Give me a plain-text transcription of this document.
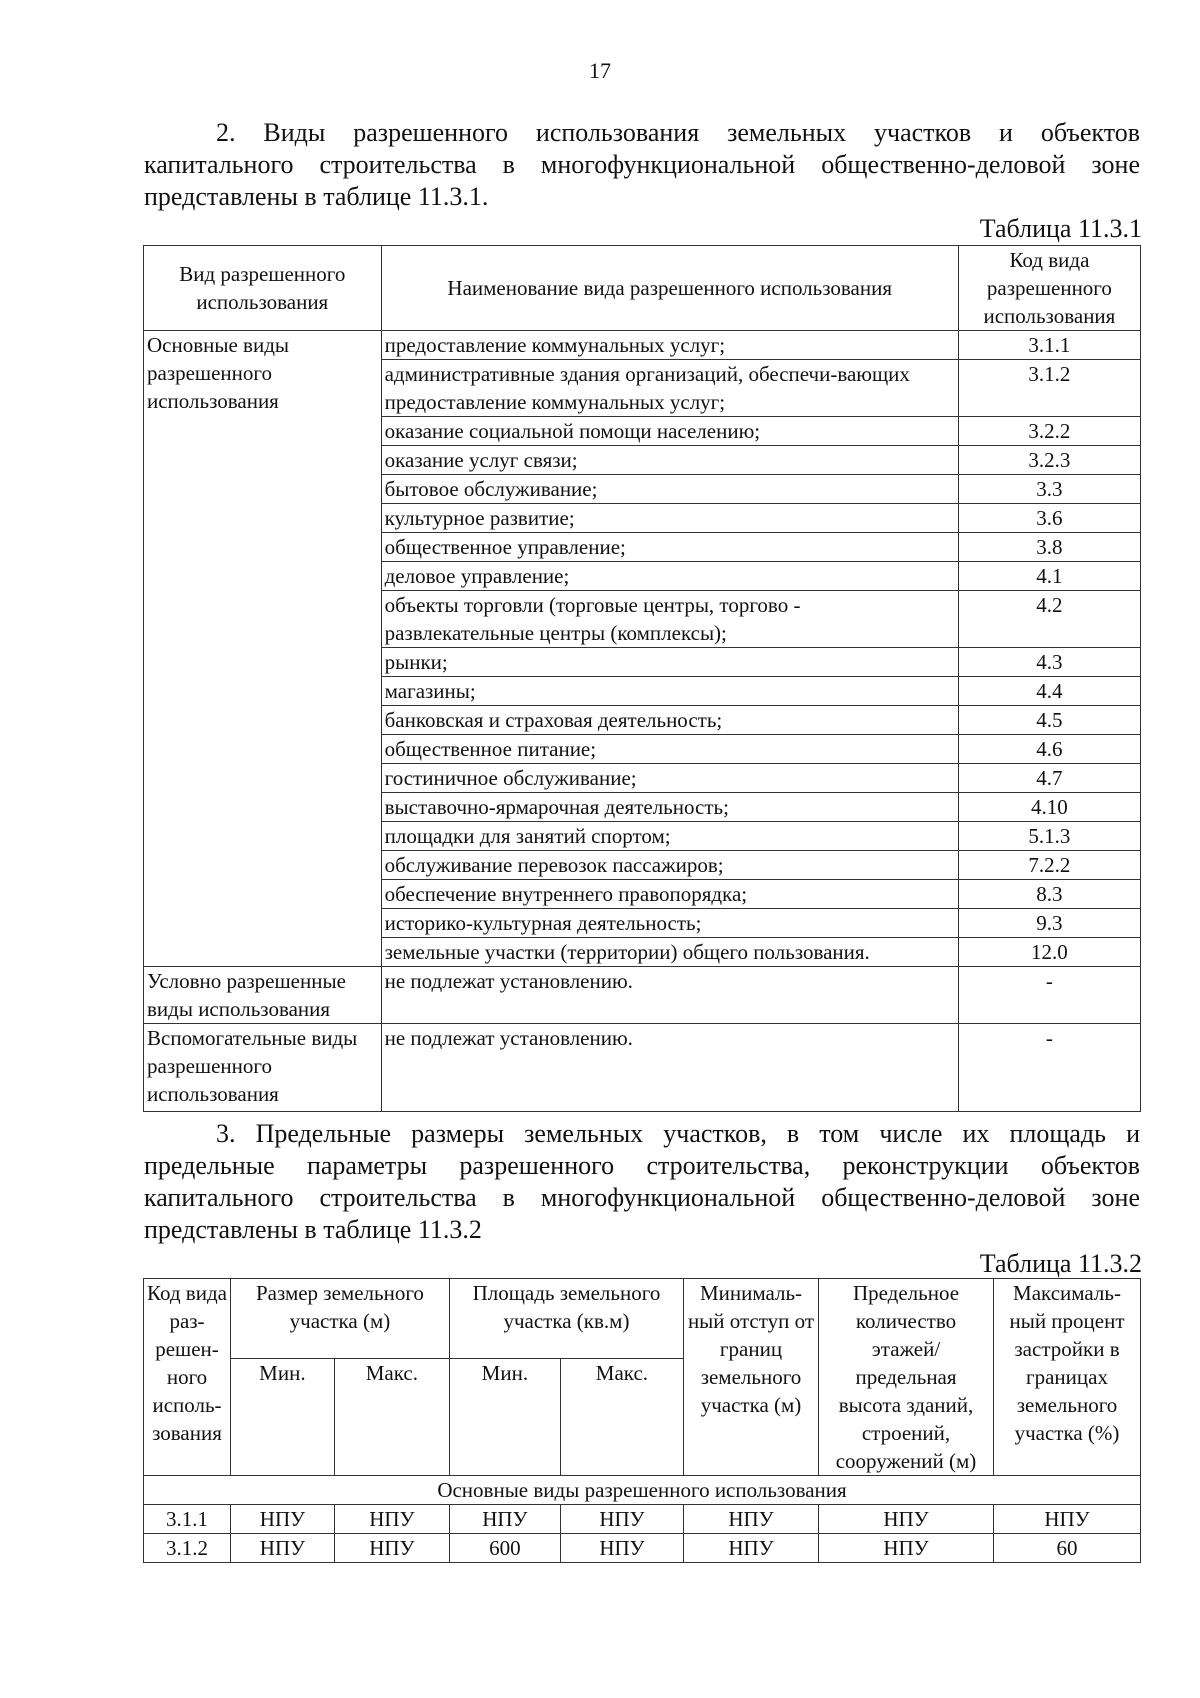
17

2. Виды разрешенного использования земельных участков и объектов капитального строительства в многофункциональной общественно-деловой зоне представлены в таблице 11.3.1.

Таблица 11.3.1
Вид разрешенного использования	Наименование вида разрешенного использования	Код вида разрешенного использования
Основные виды разрешенного использования	предоставление коммунальных услуг;	3.1.1
	административные здания организаций, обеспечи-вающих предоставление коммунальных услуг;	3.1.2
	оказание социальной помощи населению;	3.2.2
	оказание услуг связи;	3.2.3
	бытовое обслуживание;	3.3
	культурное развитие;	3.6
	общественное управление;	3.8
	деловое управление;	4.1
	объекты торговли (торговые центры, торгово - развлекательные центры (комплексы);	4.2
	рынки;	4.3
	магазины;	4.4
	банковская и страховая деятельность;	4.5
	общественное питание;	4.6
	гостиничное обслуживание;	4.7
	выставочно-ярмарочная деятельность;	4.10
	площадки для занятий спортом;	5.1.3
	обслуживание перевозок пассажиров;	7.2.2
	обеспечение внутреннего правопорядка;	8.3
	историко-культурная деятельность;	9.3
	земельные участки (территории) общего пользования.	12.0
Условно разрешенные виды использования	не подлежат установлению.	-
Вспомогательные виды разрешенного использования	не подлежат установлению.	-

3. Предельные размеры земельных участков, в том числе их площадь и предельные параметры разрешенного строительства, реконструкции объектов капитального строительства в многофункциональной общественно-деловой зоне представлены в таблице 11.3.2

Таблица 11.3.2
Код вида раз-решен-ного исполь-зования	Размер земельного участка (м)		Площадь земельного участка (кв.м)		Минималь-ный отступ от границ земельного участка (м)	Предельное количество этажей/ предельная высота зданий, строений, сооружений (м)	Максималь-ный процент застройки в границах земельного участка (%)
	Мин.	Макс.	Мин.	Макс.			
Основные виды разрешенного использования							
3.1.1	НПУ	НПУ	НПУ	НПУ	НПУ	НПУ	НПУ
3.1.2	НПУ	НПУ	600	НПУ	НПУ	НПУ	60
